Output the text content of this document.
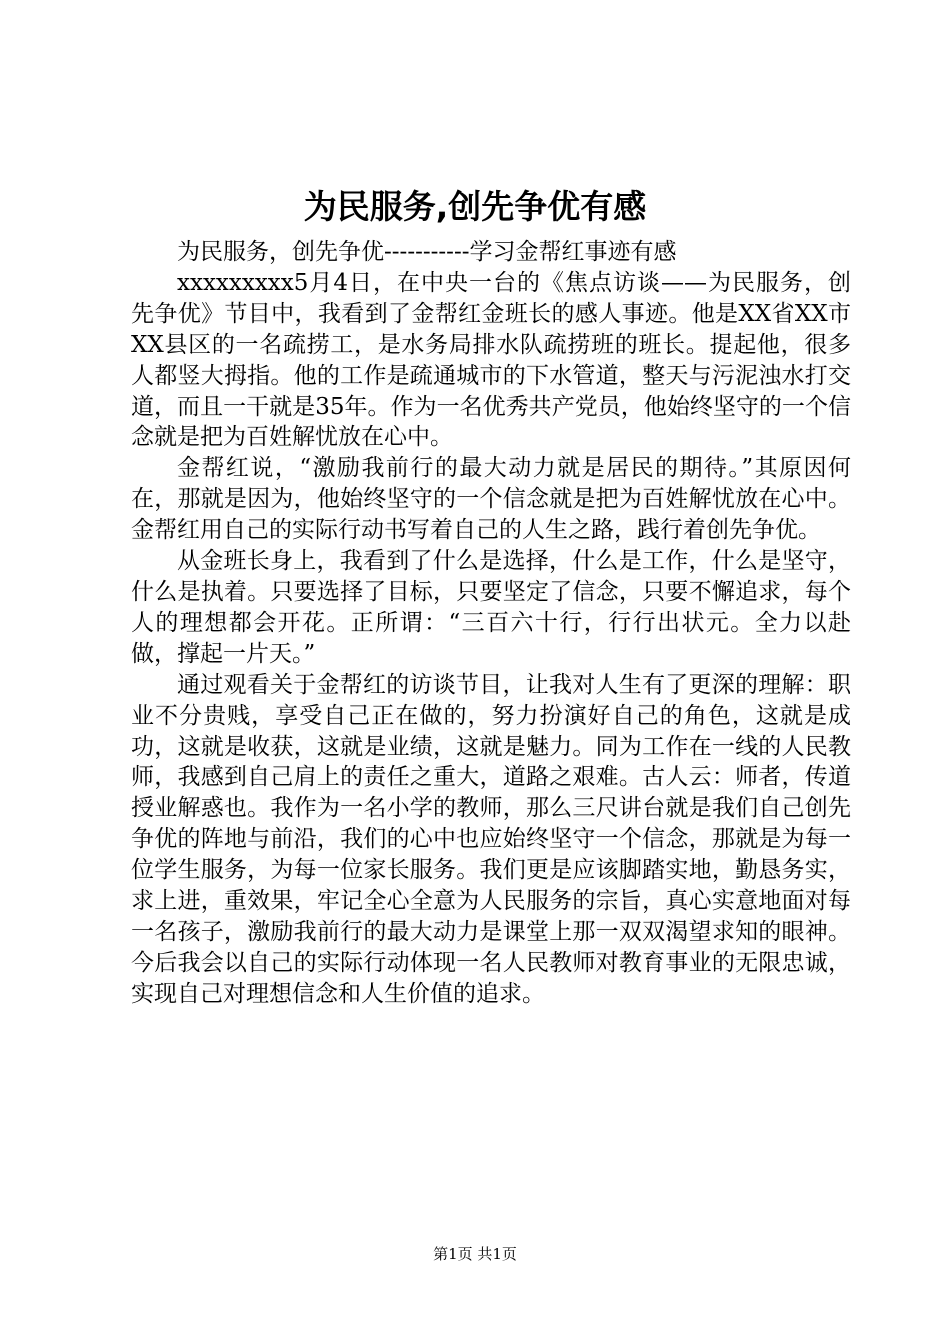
为民服务,创先争优有感

为民服务，创先争优-----------学习金帮红事迹有感

xxxxxxxxx5月4日，在中央一台的《焦点访谈——为民服务，创先争优》节目中，我看到了金帮红金班长的感人事迹。他是XX省XX市XX县区的一名疏捞工，是水务局排水队疏捞班的班长。提起他，很多人都竖大拇指。他的工作是疏通城市的下水管道，整天与污泥浊水打交道，而且一干就是35年。作为一名优秀共产党员，他始终坚守的一个信念就是把为百姓解忧放在心中。

金帮红说，“激励我前行的最大动力就是居民的期待。”其原因何在，那就是因为，他始终坚守的一个信念就是把为百姓解忧放在心中。金帮红用自己的实际行动书写着自己的人生之路，践行着创先争优。

从金班长身上，我看到了什么是选择，什么是工作，什么是坚守，什么是执着。只要选择了目标，只要坚定了信念，只要不懈追求，每个人的理想都会开花。正所谓：“三百六十行，行行出状元。全力以赴做，撑起一片天。”

通过观看关于金帮红的访谈节目，让我对人生有了更深的理解：职业不分贵贱，享受自己正在做的，努力扮演好自己的角色，这就是成功，这就是收获，这就是业绩，这就是魅力。同为工作在一线的人民教师，我感到自己肩上的责任之重大，道路之艰难。古人云：师者，传道授业解惑也。我作为一名小学的教师，那么三尺讲台就是我们自己创先争优的阵地与前沿，我们的心中也应始终坚守一个信念，那就是为每一位学生服务，为每一位家长服务。我们更是应该脚踏实地，勤恳务实，求上进，重效果，牢记全心全意为人民服务的宗旨，真心实意地面对每一名孩子，激励我前行的最大动力是课堂上那一双双渴望求知的眼神。今后我会以自己的实际行动体现一名人民教师对教育事业的无限忠诚，实现自己对理想信念和人生价值的追求。

第1页 共1页
